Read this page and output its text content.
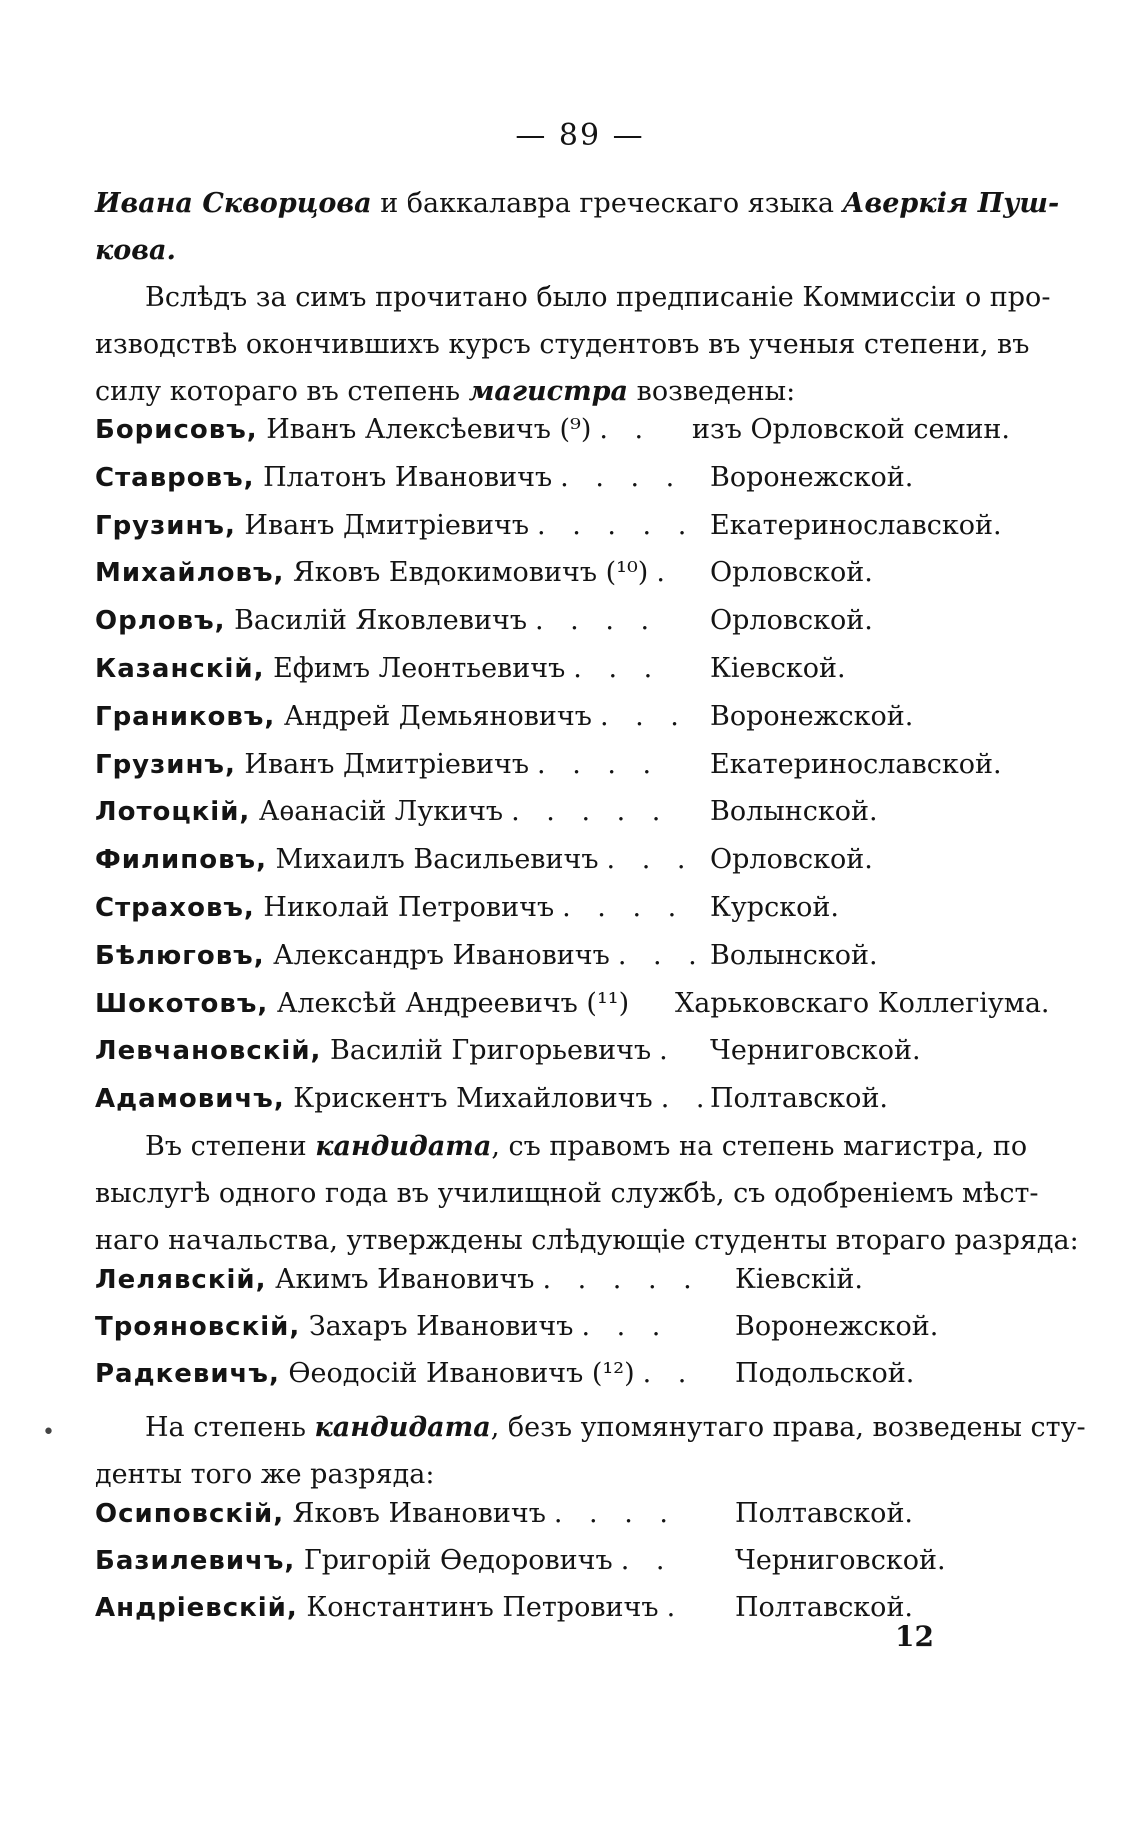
— 89 —
Ивана Скворцова и баккалавра греческаго языка Аверкія Пуш-
кова.
Вслѣдъ за симъ прочитано было предписаніе Коммиссіи о про-
изводствѣ окончившихъ курсъ студентовъ въ ученыя степени, въ
силу котораго въ степень магистра возведены:
Борисовъ, Иванъ Алексѣевичъ (⁹) . . изъ Орловской семин.
Ставровъ, Платонъ Ивановичъ . . . . Воронежской.
Грузинъ, Иванъ Дмитріевичъ . . . . . Екатеринославской.
Михайловъ, Яковъ Евдокимовичъ (¹⁰) . Орловской.
Орловъ, Василій Яковлевичъ . . . . Орловской.
Казанскій, Ефимъ Леонтьевичъ . . . Кіевской.
Граниковъ, Андрей Демьяновичъ . . . Воронежской.
Грузинъ, Иванъ Дмитріевичъ . . . . Екатеринославской.
Лотоцкій, Аѳанасій Лукичъ . . . . . Волынской.
Филиповъ, Михаилъ Васильевичъ . . . Орловской.
Страховъ, Николай Петровичъ . . . . Курской.
Бѣлюговъ, Александръ Ивановичъ . . . Волынской.
Шокотовъ, Алексѣй Андреевичъ (¹¹) Харьковскаго Коллегіума.
Левчановскій, Василій Григорьевичъ . Черниговской.
Адамовичъ, Крискентъ Михайловичъ . .
Полтавской.
Въ степени кандидата, съ правомъ на степень магистра, по
выслугѣ одного года въ училищной службѣ, съ одобреніемъ мѣст-
наго начальства, утверждены слѣдующіе студенты втораго разряда:
Лелявскій, Акимъ Ивановичъ . . . . . Кіевскій.
Трояновскій, Захаръ Ивановичъ . . . Воронежской.
Радкевичъ, Ѳеодосій Ивановичъ (¹²) . . Подольской.
На степень кандидата, безъ упомянутаго права, возведены сту-
денты того же разряда:
Осиповскій, Яковъ Ивановичъ . . . . Полтавской.
Базилевичъ, Григорій Ѳедоровичъ . . Черниговской.
Андріевскій, Константинъ Петровичъ . Полтавской.
12
•
